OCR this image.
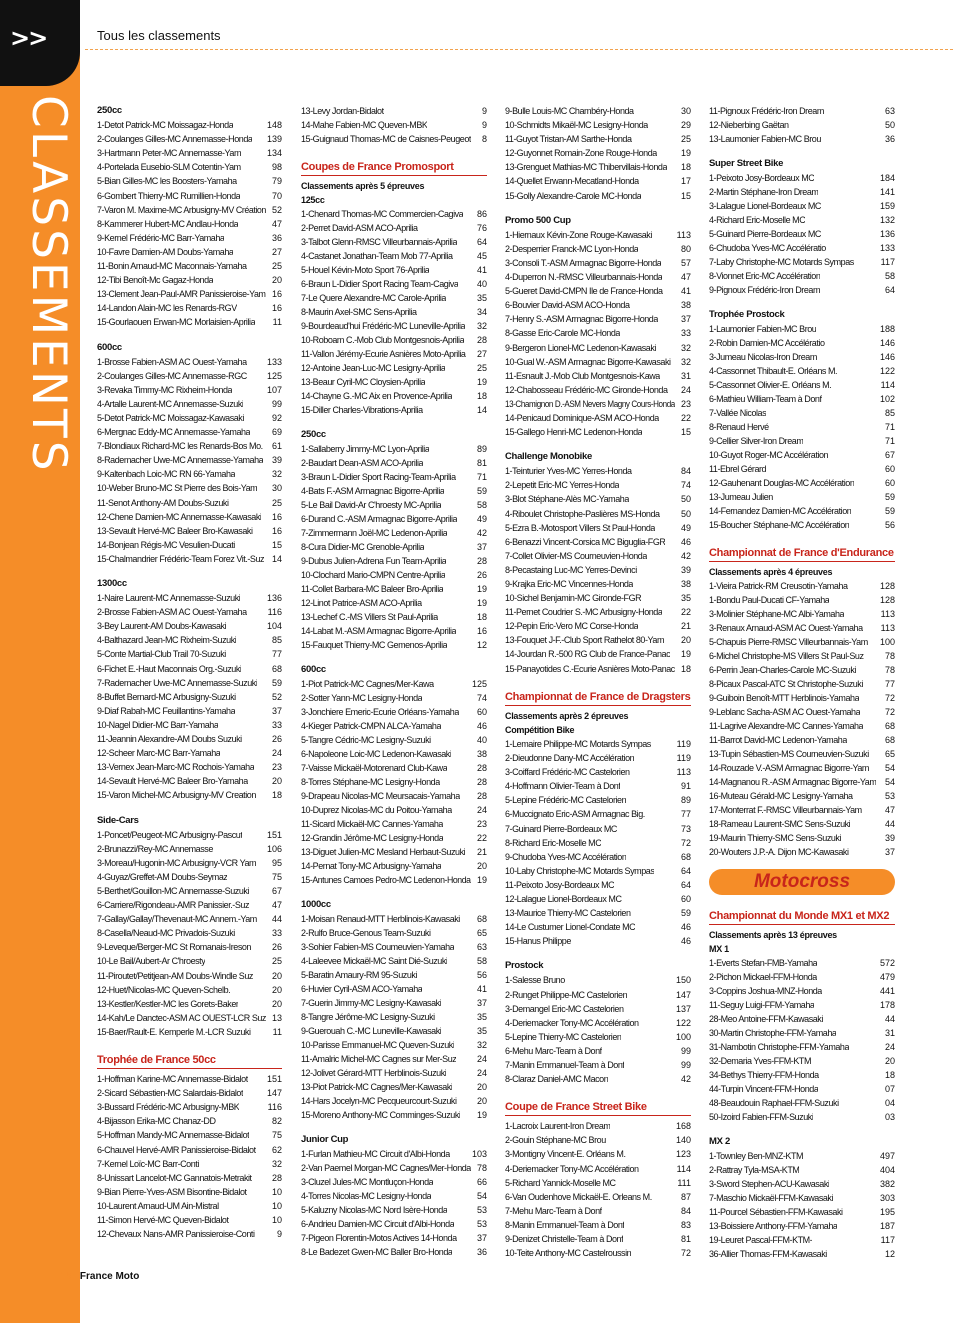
>>
CLASSEMENTS
Tous les classements
250cc
1-Detot Patrick-MC Moissagaz-Honda	148
2-Coulanges Gilles-MC Annemasse-Honda	139
3-Hartmann Peter-MC Annemasse-Yam	134
4-Portelada Eusebio-SLM Cotentin-Yam	98
5-Bian Gilles-MC les Boosters-Yamaha	79
6-Gombert Thierry-MC Rumillien-Honda	70
7-Varon M. Maxime-MC Arbusigny-MV Création 52
8-Kammerer Hubert-MC Andlau-Honda	47
9-Kernel Frédéric-MC Barr-Yamaha	36
10-Favre Damien-AM Doubs-Yamaha	27
11-Bonin Arnaud-MC Maconnais-Yamaha	25
12-Tibi Benoît-Mc Gagaz-Honda	20
13-Clement Jean-Paul-AMR Panissieroise-Yam 16
14-Landon Alain-MC les Renards-RGV	16
15-Gourlaouen Erwan-MC Morlaisien-Aprilia	11
600cc
1-Brosse Fabien-ASM AC Ouest-Yamaha	133
2-Coulanges Gilles-MC Annemasse-RGC	125
3-Revaka Timmy-MC Rixheim-Honda	107
4-Artalle Laurent-MC Annemasse-Suzuki	99
5-Detot Patrick-MC Moissagaz-Kawasaki	92
6-Mergnac Eddy-MC Annemasse-Yamaha	69
7-Blondiaux Richard-MC les Renards-Bos Mo.	61
8-Rademacher Uwe-MC Annemasse-Yamaha 39
9-Kaltenbach Loic-MC RN 66-Yamaha	32
10-Weber Bruno-MC St Pierre des Bois-Yam	30
11-Senot Anthony-AM Doubs-Suzuki	25
12-Chene Damien-MC Annemasse-Kawasaki	16
13-Sevault Hervé-MC Baleer Bro-Kawasaki	16
14-Bonjean Régis-MC Vesulien-Ducati	15
15-Chalmandrier Frédéric-Team Forez Vit.-Suz 14
1300cc
1-Naire Laurent-MC Annemasse-Suzuki	136
2-Brosse Fabien-ASM AC Ouest-Yamaha	116
3-Bey Laurent-AM Doubs-Kawasaki	104
4-Balthazard Jean-MC Rixheim-Suzuki	85
5-Conte Martial-Club Trail 70-Suzuki	77
6-Fichet E.-Haut Maconnais Org.-Suzuki	68
7-Rademacher Uwe-MC Annemasse-Suzuki	59
8-Buffet Bernard-MC Arbusigny-Suzuki	52
9-Diaf Rabah-MC Feuillantins-Yamaha	37
10-Nagel Didier-MC Barr-Yamaha	33
11-Jeannin Alexandre-AM Doubs Suzuki	26
12-Scheer Marc-MC Barr-Yamaha	24
13-Vernex Jean-Marc-MC Rochois-Yamaha	23
14-Sevault Hervé-MC Baleer Bro-Yamaha	20
15-Varon Michel-MC Arbusigny-MV Creation	18
Side-Cars
1-Poncet/Peugeot-MC Arbusigny-Pascut	151
2-Brunazzi/Rey-MC Annemasse	106
3-Moreau/Hugonin-MC Arbusigny-VCR Yam	95
4-Guyaz/Greffet-AM Doubs-Seymaz	75
5-Berthet/Gouillon-MC Annemasse-Suzuki	67
6-Carriere/Rigondeau-AMR Panissier.-Suz	47
7-Gallay/Gallay/Thevenaut-MC Annem.-Yam	44
8-Casella/Neaud-MC Privadois-Suzuki	33
9-Leveque/Berger-MC St Romanais-Ireson	26
10-Le Bail/Aubert-Ar C'hroesty	25
11-Piroutet/Petitjean-AM Doubs-Windle Suz	20
12-Huet/Nicolas-MC Queven-Schelb.	20
13-Kestler/Kestler-MC les Gorets-Baker	20
14-Kah/Le Danctec-ASM AC OUEST-LCR Suz 13
15-Baer/Rault-E. Kemperle M.-LCR Suzuki	11
Trophée de France 50cc
1-Hoffman Karine-MC Annemasse-Bidalot	151
2-Sicard Sébastien-MC Salardais-Bidalot	147
3-Bussard Frédéric-MC Arbusigny-MBK	116
4-Bijasson Erika-MC Chanaz-DD	82
5-Hoffman Mandy-MC Annemasse-Bidalot	75
6-Chauvel Hervé-AMR Panissieroise-Bidalot	62
7-Kernel Loïc-MC Barr-Conti	32
8-Unissart Lancelot-MC Gannatois-Metrakit	28
9-Bian Pierre-Yves-ASM Bisontine-Bidalot	10
10-Laurent Arnaud-UM Ain-Mistral	10
11-Simon Hervé-MC Queven-Bidalot	10
12-Chevaux Nans-AMR Panissieroise-Conti	9
13-Levy Jordan-Bidalot	9
14-Mahe Fabien-MC Queven-MBK	9
15-Guignaud Thomas-MC de Caisnes-Peugeot	8
Coupes de France Promosport
Classements après 5 épreuves
125cc
1-Chenard Thomas-MC Commercien-Cagiva	86
2-Perret David-ASM ACO-Aprilia	76
3-Talbot Glenn-RMSC Villeurbannais-Aprilia	64
4-Castanet Jonathan-Team Mob 77-Aprilia	45
5-Houel Kévin-Moto Sport 76-Aprilia	41
6-Braun L-Didier Sport Racing Team-Cagiva	40
7-Le Quere Alexandre-MC Carole-Aprilia	35
8-Maurin Axel-SMC Sens-Aprilia	34
9-Bourdeaud'hui Frédéric-MC Luneville-Aprilia	32
10-Roboam C.-Mob Club Montgesnois-Aprilia	28
11-Vallon Jérémy-Ecurie Asnières Moto-Aprilia	27
12-Antoine Jean-Luc-MC Lesigny-Aprilia	25
13-Beaur Cyril-MC Cloysien-Aprilia	19
14-Chayne G.-MC Aix en Provence-Aprilia	18
15-Diller Charles-Vibrations-Aprilia	14
250cc
1-Sallaberry Jimmy-MC Lyon-Aprilia	89
2-Baudart Dean-ASM ACO-Aprilia	81
3-Braun L-Didier Sport Racing-Team-Aprilia	71
4-Bats F.-ASM Armagnac Bigorre-Aprilia	59
5-Le Bail David-Ar C'hroesty MC-Aprilia	58
6-Durand C.-ASM Armagnac Bigorre-Aprilia	49
7-Zimmermann Joël-MC Ledenon-Aprilia	42
8-Cura Didier-MC Grenoble-Aprilia	37
9-Dubus Julien-Adrena Fun Team-Aprilia	28
10-Clochard Mario-CMPN Centre-Aprilia	26
11-Collet Barbara-MC Baleer Bro-Aprilia	19
12-Linot Patrice-ASM ACO-Aprilia	19
13-Lechef C.-MS Villers St Paul-Aprilia	18
14-Labat M.-ASM Armagnac Bigorre-Aprilia	16
15-Fauquet Thierry-MC Gemenos-Aprilia	12
600cc
1-Piot Patrick-MC Cagnes/Mer-Kawa	125
2-Sotter Yann-MC Lesigny-Honda	74
3-Jonchiere Emeric-Ecurie Orléans-Yamaha	60
4-Kieger Patrick-CMPN ALCA-Yamaha	46
5-Tangre Cédric-MC Lesigny-Suzuki	40
6-Napoleone Loic-MC Ledenon-Kawasaki	38
7-Vaisse Mickaël-Motorenard Club-Kawa	28
8-Torres Stéphane-MC Lesigny-Honda	28
9-Drapeau Nicolas-MC Meursacais-Yamaha	28
10-Duprez Nicolas-MC du Poitou-Yamaha	24
11-Sicard Mickaël-MC Cannes-Yamaha	23
12-Grandin Jérôme-MC Lesigny-Honda	22
13-Diguet Julien-MC Mesland Herbaut-Suzuki	21
14-Pernat Tony-MC Arbusigny-Yamaha	20
15-Antunes Camoes Pedro-MC Ledenon-Honda 19
1000cc
1-Moisan Renaud-MTT Herblinois-Kawasaki	68
2-Rulfo Bruce-Genous Team-Suzuki	65
3-Sohier Fabien-MS Coumeuvien-Yamaha	63
4-Laleevee Mickaël-MC Saint Dié-Suzuki	58
5-Baratin Amaury-RM 95-Suzuki	56
6-Huvier Cyril-ASM ACO-Yamaha	41
7-Guerin Jimmy-MC Lesigny-Kawasaki	37
8-Tangre Jérôme-MC Lesigny-Suzuki	35
9-Guerouah C.-MC Luneville-Kawasaki	35
10-Parisse Emmanuel-MC Queven-Suzuki	32
11-Amalric Michel-MC Cagnes sur Mer-Suz	24
12-Jolivet Gérard-MTT Herblinois-Suzuki	24
13-Piot Patrick-MC Cagnes/Mer-Kawasaki	20
14-Hars Jocelyn-MC Pecqueurcourt-Suzuki	20
15-Moreno Anthony-MC Comminges-Suzuki	19
Junior Cup
1-Furlan Mathieu-MC Circuit d'Albi-Honda	103
2-Van Paemel Morgan-MC Cagnes/Mer-Honda 78
3-Cluzel Jules-MC Montluçon-Honda	66
4-Torres Nicolas-MC Lesigny-Honda	54
5-Kaluzny Nicolas-MC Nord Isère-Honda	53
6-Andrieu Damien-MC Circuit d'Albi-Honda	53
7-Pigeon Florentin-Motos Actives 14-Honda	37
8-Le Badezet Gwen-MC Baller Bro-Honda	36
9-Bulle Louis-MC Chambéry-Honda	30
10-Schmidts Mikaël-MC Lesigny-Honda	29
11-Guyot Tristan-AM Sarthe-Honda	25
12-Guyonnet Romain-Zone Rouge-Honda	19
13-Grenguet Mathias-MC Thibervillais-Honda	18
14-Quellet Erwann-Mecatland-Honda	17
15-Golly Alexandre-Carole MC-Honda	15
Promo 500 Cup
1-Hiernaux Kévin-Zone Rouge-Kawasaki	113
2-Desperrier Franck-MC Lyon-Honda	80
3-Consoli T.-ASM Armagnac Bigorre-Honda	57
4-Duperron N.-RMSC Villeurbannais-Honda	47
5-Gueret David-CMPN Ile de France-Honda	41
6-Bouvier David-ASM ACO-Honda	38
7-Henry S.-ASM Armagnac Bigorre-Honda	37
8-Gasse Eric-Carole MC-Honda	33
9-Bergeron Lionel-MC Ledenon-Kawasaki	32
10-Gual W.-ASM Armagnac Bigorre-Kawasaki	32
11-Esnault J.-Mob Club Montgesnois-Kawa	31
12-Chabosseau Frédéric-MC Gironde-Honda	24
13-Chamignon D.-ASM Nevers Magny Cours-Honda 23
14-Penicaud Dominique-ASM ACO-Honda	22
15-Gallego Henri-MC Ledenon-Honda	15
Challenge Monobike
1-Teinturier Yves-MC Yerres-Honda	84
2-Lepetit Eric-MC Yerres-Honda	74
3-Blot Stéphane-Alès MC-Yamaha	50
4-Riboulet Christophe-Paslières MS-Honda	50
5-Ezra B.-Motosport Villers St Paul-Honda	49
6-Benazzi Vincent-Corsica MC Biguglia-FGR	46
7-Collet Olivier-MS Courneuvien-Honda	42
8-Pecastaing Luc-MC Yerres-Devinci	39
9-Krajka Eric-MC Vincennes-Honda	38
10-Sichel Benjamin-MC Gironde-FGR	35
11-Pernet Coudrier S.-MC Arbusigny-Honda	22
12-Pepin Eric-Vero MC Corse-Honda	21
13-Fouquet J-F.-Club Sport Rathelot 80-Yam	20
14-Jourdan R.-500 RG Club de France-Panac	19
15-Panayotides C.-Ecurie Asnières Moto-Panac 18
Championnat de France de Dragsters
Classements après 2 épreuves
Compétition Bike
1-Lemaire Philippe-MC Motards Sympas	119
2-Dieudonne Dany-MC Accélération	119
3-Coiffard Frédéric-MC Castelorien	113
4-Hoffmann Olivier-Team à Donf	91
5-Lepine Frédéric-MC Castelorien	89
6-Muccignato Eric-ASM Armagnac Big.	77
7-Guinard Pierre-Bordeaux MC	73
8-Richard Eric-Moselle MC	72
9-Chudoba Yves-MC Accélération	68
10-Laby Christophe-MC Motards Sympas	64
11-Peixoto Josy-Bordeaux MC	64
12-Lalague Lionel-Bordeaux MC	60
13-Maurice Thierry-MC Castelorien	59
14-Le Custumer Lionel-Condate MC	46
15-Hanus Philippe	46
Prostock
1-Salesse Bruno	150
2-Runget Philippe-MC Castelorien	147
3-Demangel Eric-MC Castelorien	137
4-Deriemacker Tony-MC Accélération	122
5-Lepine Thierry-MC Castelorien	100
6-Mehu Marc-Team à Donf	99
7-Manin Emmanuel-Team à Donf	99
8-Claraz Daniel-AMC Macon	42
Coupe de France Street Bike
1-Lacroix Laurent-Iron Dream	168
2-Gouin Stéphane-MC Brou	140
3-Montigny Vincent-E. Orléans M.	123
4-Deriemacker Tony-MC Accélération	114
5-Richard Yannick-Moselle MC	111
6-Van Oudenhove Mickaël-E. Orleans M.	87
7-Mehu Marc-Team à Donf	84
8-Manin Emmanuel-Team à Donf	83
9-Denizet Christelle-Team à Donf	81
10-Teite Anthony-MC Castelroussin	72
11-Pignoux Frédéric-Iron Dream	63
12-Nieberbing Gaëtan	50
13-Laumonier Fabien-MC Brou	36
Super Street Bike
1-Peixoto Josy-Bordeaux MC	184
2-Martin Stéphane-Iron Dream	141
3-Lalague Lionel-Bordeaux MC	159
4-Richard Eric-Moselle MC	132
5-Guinard Pierre-Bordeaux MC	136
6-Chudoba Yves-MC Accélératio	133
7-Laby Christophe-MC Motards Sympas	117
8-Vionnet Eric-MC Accélération	58
9-Pignoux Frédéric-Iron Dream	64
Trophée Prostock
1-Laumonier Fabien-MC Brou	188
2-Robin Damien-MC Accélératio	146
3-Jumeau Nicolas-Iron Dream	146
4-Cassonnet Thibault-E. Orléans M.	122
5-Cassonnet Olivier-E. Orléans M.	114
6-Mathieu William-Team à Donf	102
7-Vallée Nicolas	85
8-Renaud Hervé	71
9-Cellier Silver-Iron Dream	71
10-Guyot Roger-MC Accélération	67
11-Ebrel Gérard	60
12-Gauhenant Douglas-MC Accélération	60
13-Jumeau Julien	59
14-Fernandez Damien-MC Accélération	59
15-Boucher Stéphane-MC Accélération	56
Championnat de France d'Endurance
Classements après 4 épreuves
1-Vieira Patrick-RM Creusotin-Yamaha	128
1-Bondu Paul-Ducati CF-Yamaha	128
3-Molinier Stéphane-MC Albi-Yamaha	113
3-Renaux Arnaud-ASM AC Ouest-Yamaha	113
5-Chapuis Pierre-RMSC Villeurbannais-Yam	100
6-Michel Christophe-MS Villers St Paul-Suz	78
6-Perrin Jean-Charles-Carole MC-Suzuki	78
8-Picaux Pascal-ATC St Christophe-Suzuki	77
9-Guiboin Benoît-MTT Herblinois-Yamaha	72
9-Leblanc Sacha-ASM AC Ouest-Yamaha	72
11-Lagrive Alexandre-MC Cannes-Yamaha	68
11-Barrot David-MC Ledenon-Yamaha	68
13-Tupin Sébastien-MS Courneuvien-Suzuki	65
14-Rouzade V.-ASM Armagnac Bigorre-Yam	54
14-Magnanou R.-ASM Armagnac Bigorre-Yam 54
16-Muteau Gérald-MC Lesigny-Yamaha	53
17-Monterrat F.-RMSC Villeurbannais-Yam	47
18-Rameau Laurent-SMC Sens-Suzuki	44
19-Maurin Thierry-SMC Sens-Suzuki	39
20-Wouters J.P.-A. Dijon MC-Kawasaki	37
Motocross
Championnat du Monde MX1 et MX2
Classements après 13 épreuves
MX 1
1-Everts Stefan-FMB-Yamaha	572
2-Pichon Mickael-FFM-Honda	479
3-Coppins Joshua-MNZ-Honda	441
11-Seguy Luigi-FFM-Yamaha	178
28-Meo Antoine-FFM-Kawasaki	44
30-Martin Christophe-FFM-Yamaha	31
31-Nambotin Christophe-FFM-Yamaha	24
32-Demaria Yves-FFM-KTM	20
34-Bethys Thierry-FFM-Honda	18
44-Turpin Vincent-FFM-Honda	07
48-Beaudouin Raphael-FFM-Suzuki	04
50-Izoird Fabien-FFM-Suzuki	03
MX 2
1-Townley Ben-MNZ-KTM	497
2-Rattray Tyla-MSA-KTM	404
3-Sword Stephen-ACU-Kawasaki	382
7-Maschio Mickaël-FFM-Kawasaki	303
11-Pourcel Sébastien-FFM-Kawasaki	195
13-Boissiere Anthony-FFM-Yamaha	187
19-Leuret Pascal-FFM-KTM-	117
36-Allier Thomas-FFM-Kawasaki	12
16 France Moto
